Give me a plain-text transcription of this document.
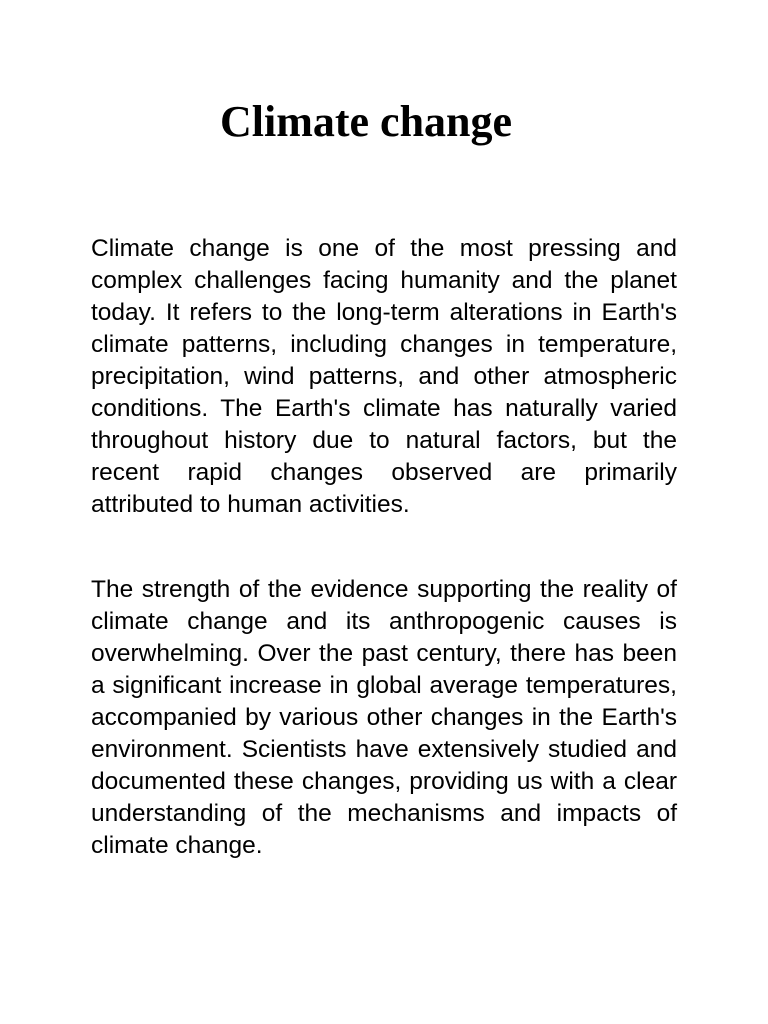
Climate change

Climate change is one of the most pressing and complex challenges facing humanity and the planet today. It refers to the long-term alterations in Earth's climate patterns, including changes in temperature, precipitation, wind patterns, and other atmospheric conditions. The Earth's climate has naturally varied throughout history due to natural factors, but the recent rapid changes observed are primarily attributed to human activities.

The strength of the evidence supporting the reality of climate change and its anthropogenic causes is overwhelming. Over the past century, there has been a significant increase in global average temperatures, accompanied by various other changes in the Earth's environment. Scientists have extensively studied and documented these changes, providing us with a clear understanding of the mechanisms and impacts of climate change.
